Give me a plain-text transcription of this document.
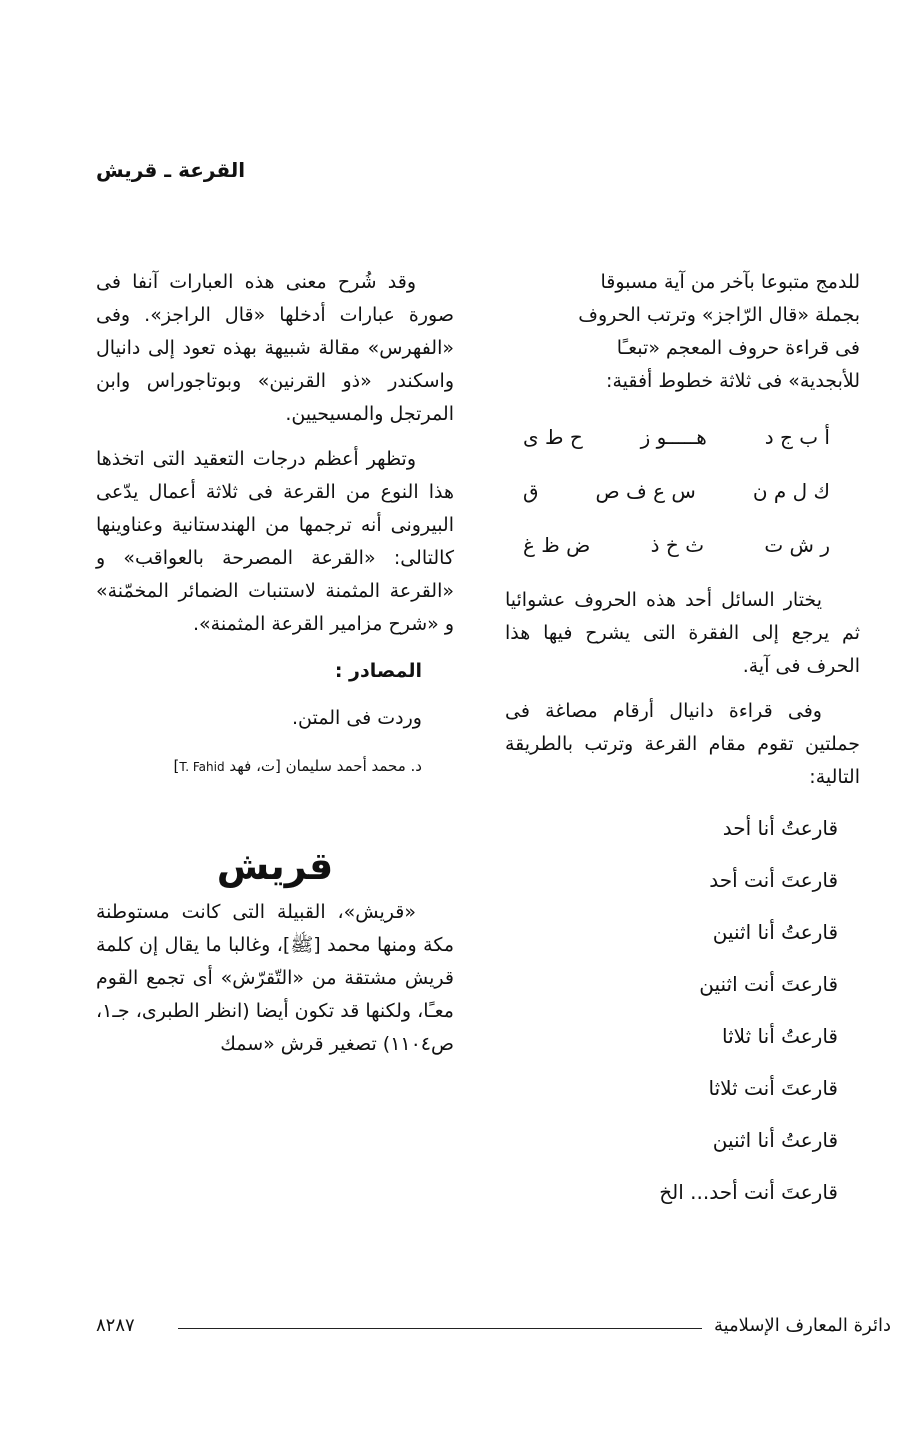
القرعة ـ قريش

للدمج متبوعا بآخر من آية مسبوقا

بجملة «قال الرّاجز» وترتب الحروف

فى قراءة حروف المعجم «تبعـًا

للأبجدية» فى ثلاثة خطوط أفقية:

أ ب ج د
هـــــو ز
ح ط ى
ك ل م ن
س ع ف ص
ق
ر ش ت
ث خ ذ
ض ظ غ

يختار السائل أحد هذه الحروف عشوائيا ثم يرجع إلى الفقرة التى يشرح فيها هذا الحرف فى آية.

وفى قراءة دانيال أرقام مصاغة فى جملتين تقوم مقام القرعة وترتب بالطريقة التالية:

قارعتُ أنا أحد
قارعتَ أنت أحد
قارعتُ أنا اثنين
قارعتَ أنت اثنين
قارعتُ أنا ثلاثا
قارعتَ أنت ثلاثا
قارعتُ أنا اثنين
قارعتَ أنت أحد... الخ

وقد شُرح معنى هذه العبارات آنفا فى صورة عبارات أدخلها «قال الراجز». وفى «الفهرس» مقالة شبيهة بهذه تعود إلى دانيال واسكندر «ذو القرنين» وبوتاجوراس وابن المرتجل والمسيحيين.

وتظهر أعظم درجات التعقيد التى اتخذها هذا النوع من القرعة فى ثلاثة أعمال يدّعى البيرونى أنه ترجمها من الهندستانية وعناوينها كالتالى: «القرعة المصرحة بالعواقب» و «القرعة المثمنة لاستنبات الضمائر المخمّنة» و «شرح مزامير القرعة المثمنة».

المصادر :

وردت فى المتن.

د. محمد أحمد سليمان [ت، فهد T. Fahid]

قريش

«قريش»، القبيلة التى كانت مستوطنة مكة ومنها محمد [ﷺ]، وغالبا ما يقال إن كلمة قريش مشتقة من «التّقرّش» أى تجمع القوم معـًا، ولكنها قد تكون أيضا (انظر الطبرى، جـ١، ص١١٠٤) تصغير قرش «سمك

٨٢٨٧	دائرة المعارف الإسلامية
